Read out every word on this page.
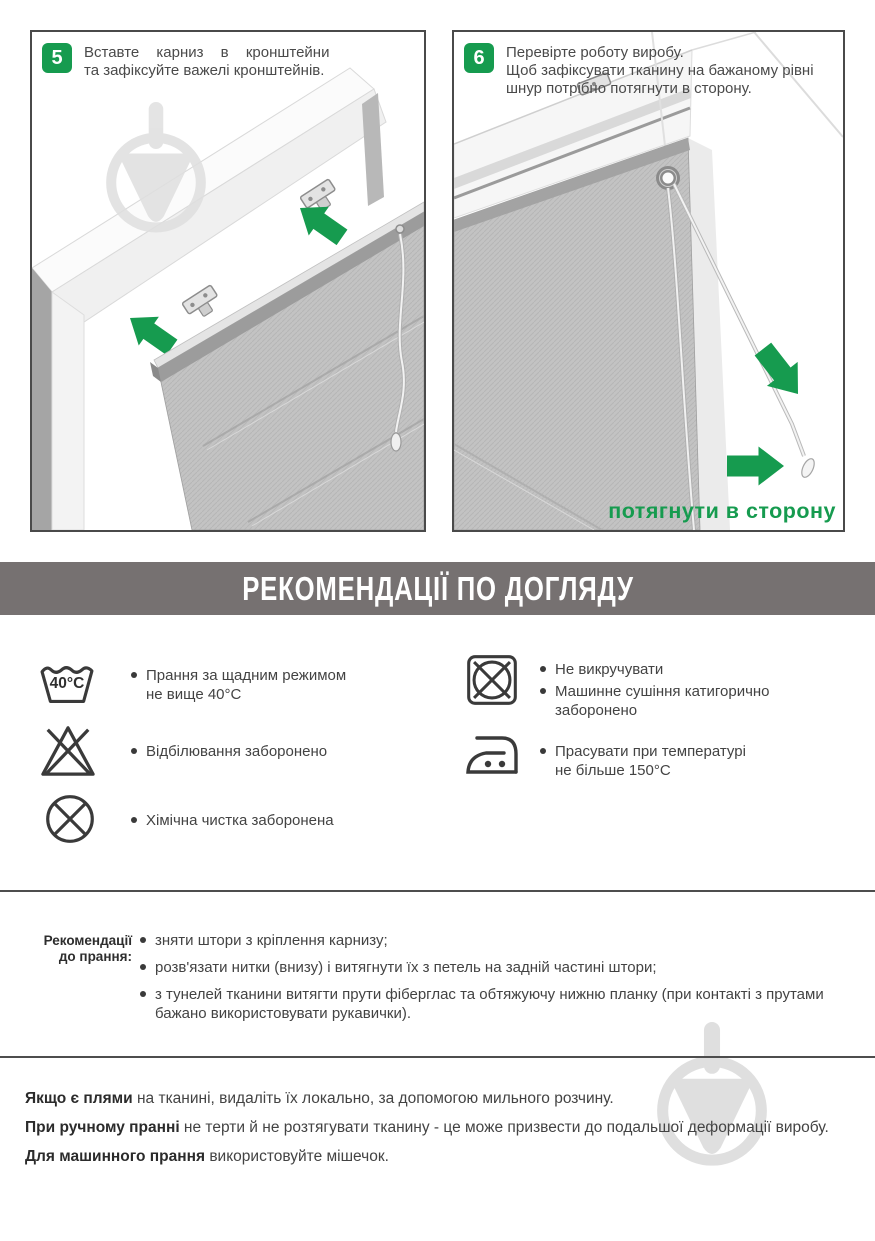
5	Вставте карниз в кронштейни
та зафіксуйте важелі кронштейнів.
6	Перевірте роботу виробу.
Щоб зафіксувати тканину на бажаному рівні
шнур потрібно потягнути в сторону.
потягнути в сторону
РЕКОМЕНДАЦІЇ ПО ДОГЛЯДУ
40°C	Прання за щадним режимом
не вище 40°С
Відбілювання заборонено
Хімічна чистка заборонена
Не викручувати
Машинне сушіння катигорично
заборонено
Прасувати при температурі
не більше 150°С
Рекомендації
до прання:
зняти штори з кріплення карнизу;
розв'язати нитки (внизу) і витягнути їх з петель на задній частині штори;
з тунелей тканини витягти прути фіберглас та обтяжуючу нижню планку (при контакті з прутами бажано використовувати рукавички).
Якщо є плями на тканині, видаліть їх локально, за допомогою мильного розчину.
При ручному пранні не терти й не розтягувати тканину - це може призвести до подальшої деформації виробу.
Для машинного прання використовуйте мішечок.
